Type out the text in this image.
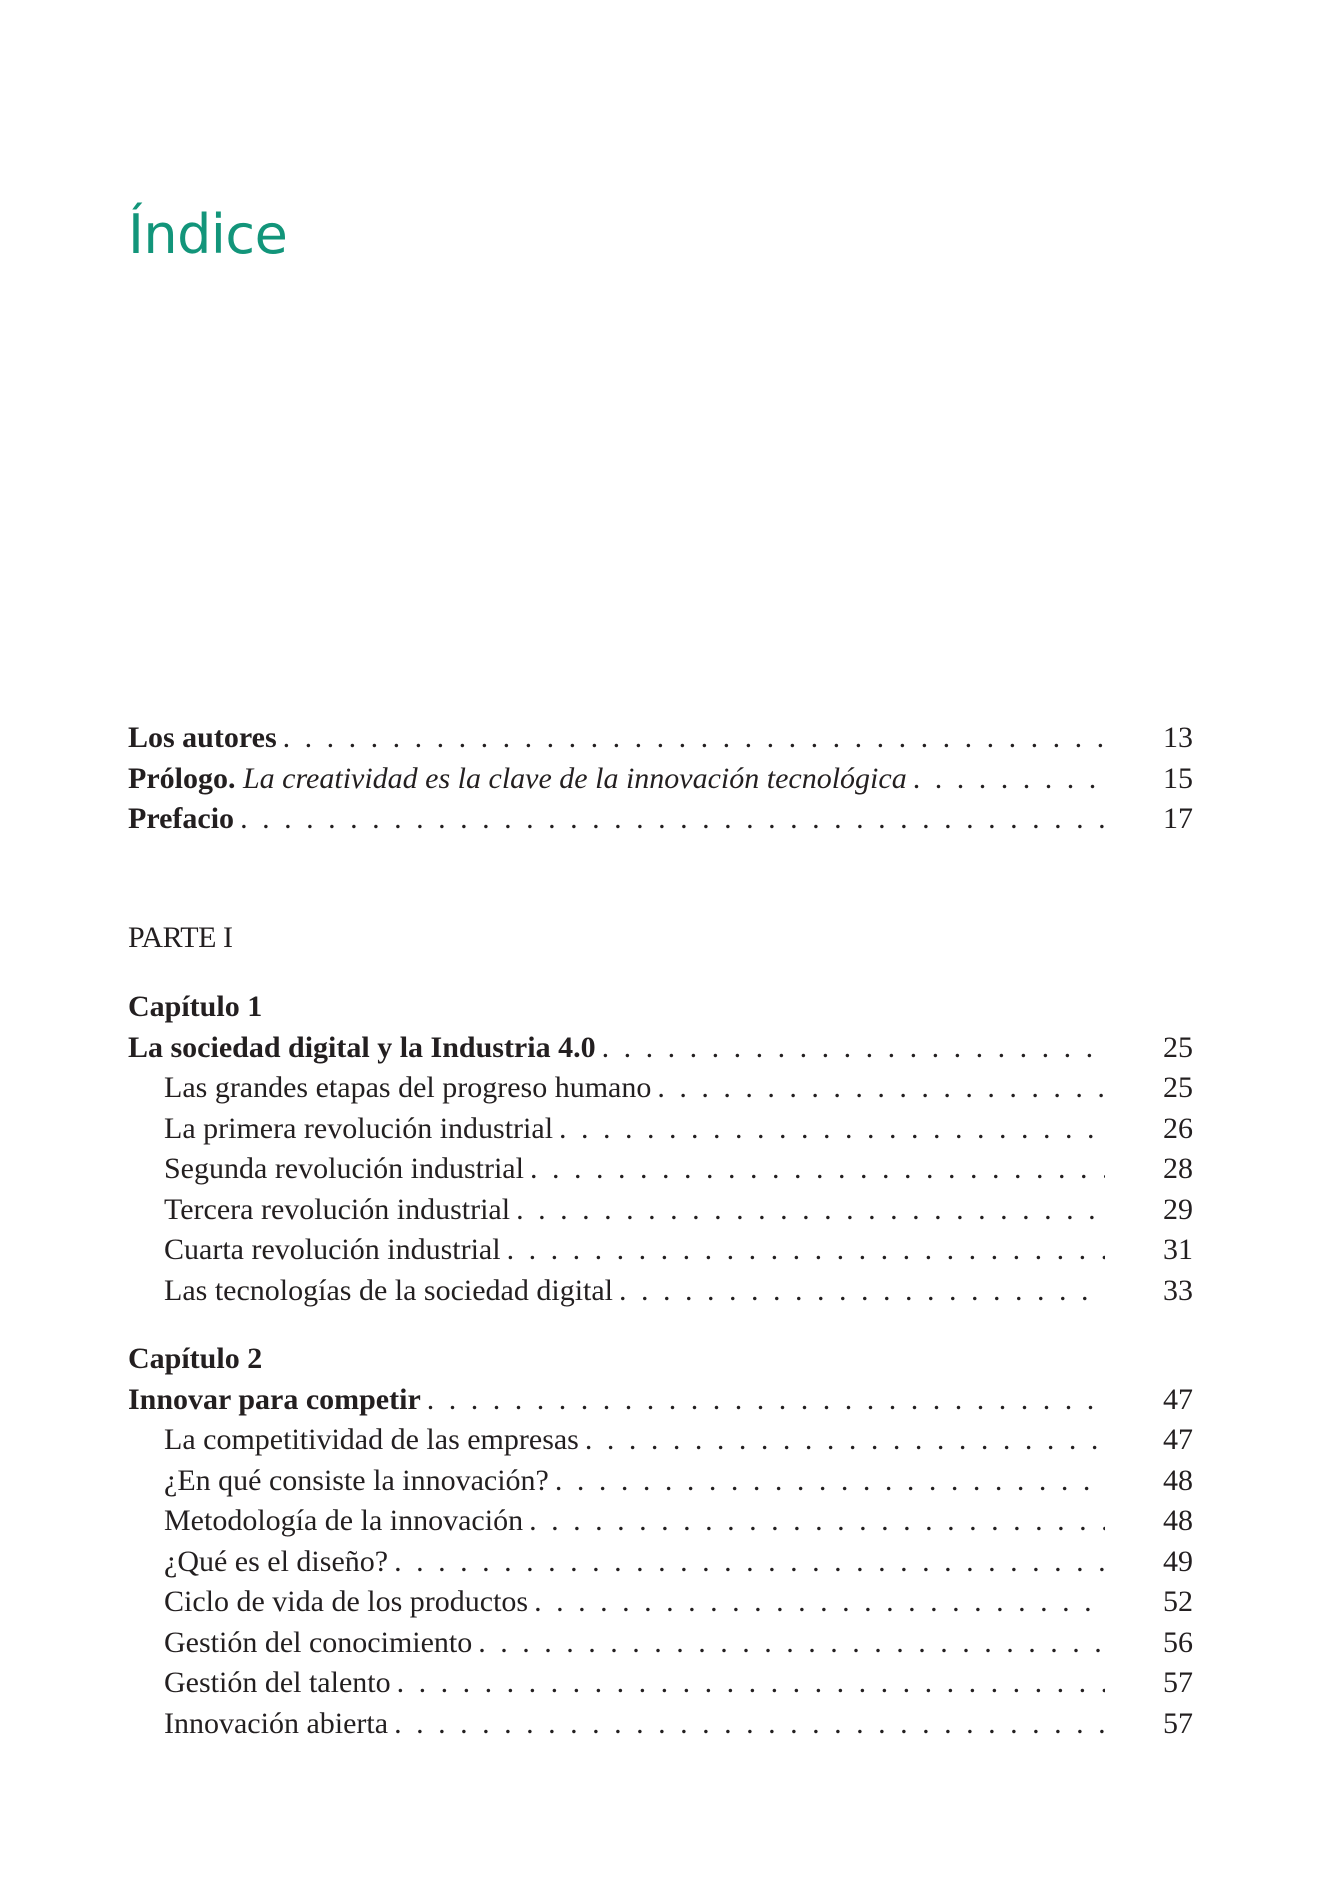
Índice
Los autores . . .	13
Prólogo. La creatividad es la clave de la innovación tecnológica . . .	15
Prefacio . . .	17
PARTE I
Capítulo 1
La sociedad digital y la Industria 4.0 . . .	25
Las grandes etapas del progreso humano . . .	25
La primera revolución industrial . . .	26
Segunda revolución industrial . . .	28
Tercera revolución industrial . . .	29
Cuarta revolución industrial . . .	31
Las tecnologías de la sociedad digital . . .	33
Capítulo 2
Innovar para competir . . .	47
La competitividad de las empresas . . .	47
¿En qué consiste la innovación? . . .	48
Metodología de la innovación . . .	48
¿Qué es el diseño? . . .	49
Ciclo de vida de los productos . . .	52
Gestión del conocimiento . . .	56
Gestión del talento . . .	57
Innovación abierta . . .	57
